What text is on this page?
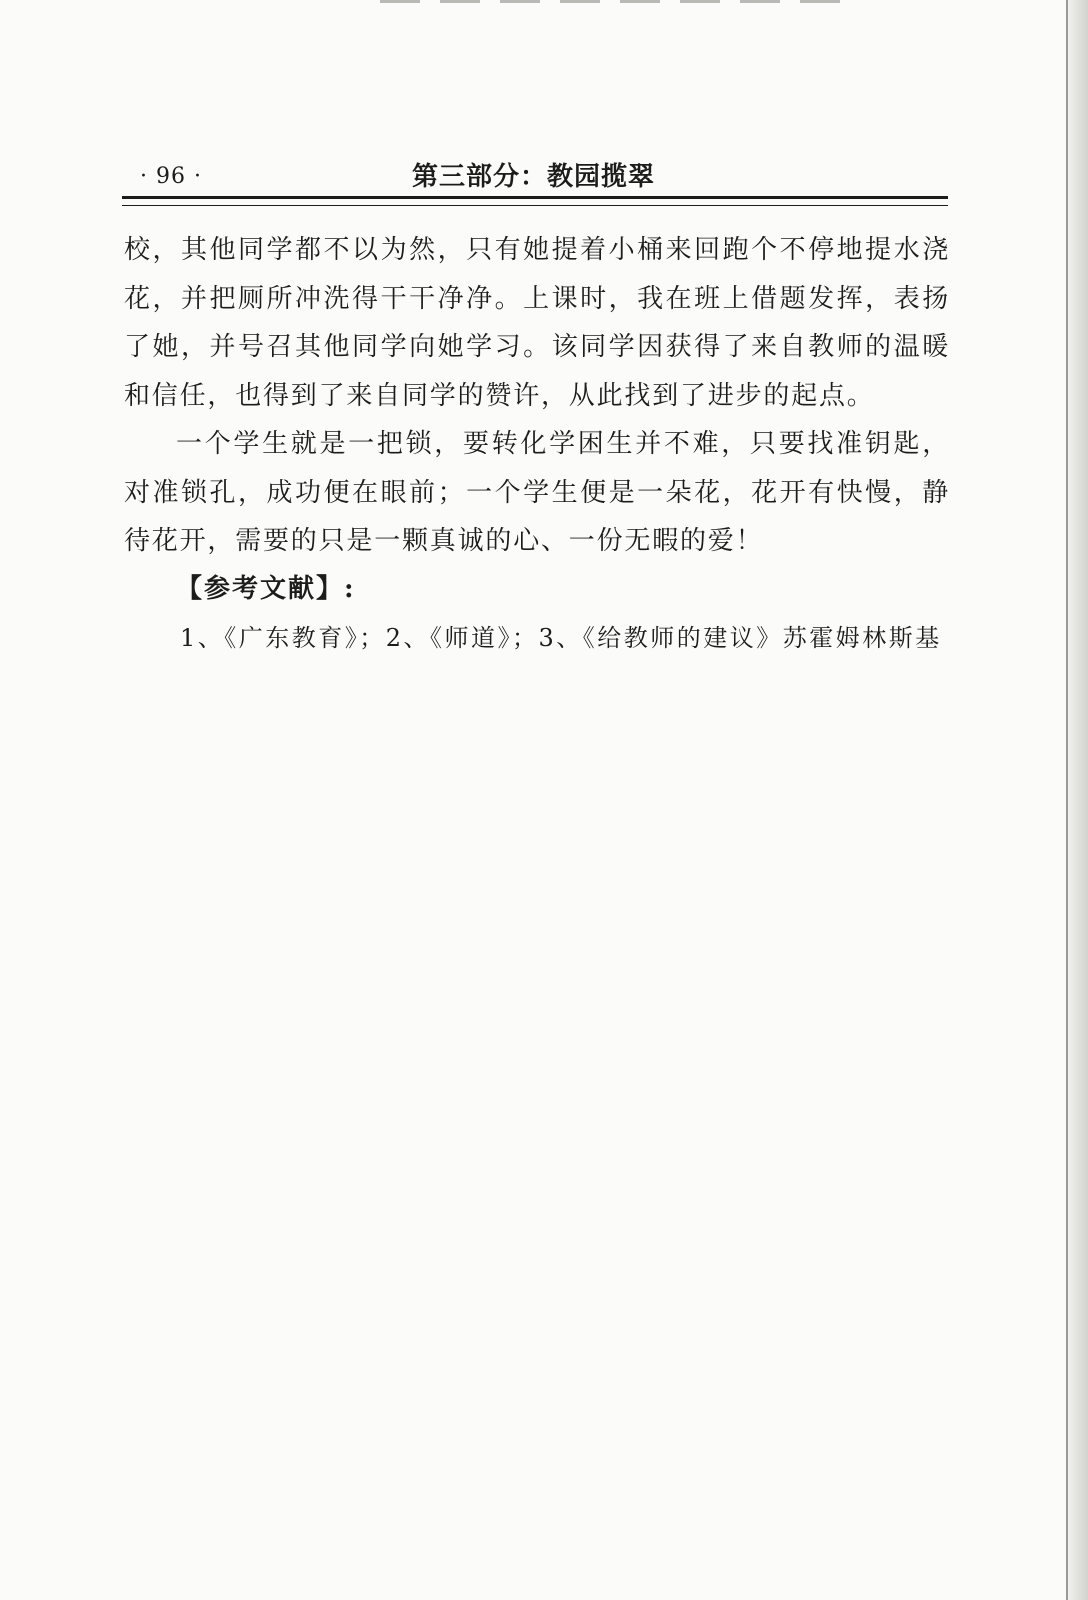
· 96 ·	第三部分：教园揽翠

校，其他同学都不以为然，只有她提着小桶来回跑个不停地提水浇花，并把厕所冲洗得干干净净。上课时，我在班上借题发挥，表扬了她，并号召其他同学向她学习。该同学因获得了来自教师的温暖和信任，也得到了来自同学的赞许，从此找到了进步的起点。

一个学生就是一把锁，要转化学困生并不难，只要找准钥匙，对准锁孔，成功便在眼前；一个学生便是一朵花，花开有快慢，静待花开，需要的只是一颗真诚的心、一份无暇的爱！

【参考文献】:
1、《广东教育》；2、《师道》；3、《给教师的建议》苏霍姆林斯基
